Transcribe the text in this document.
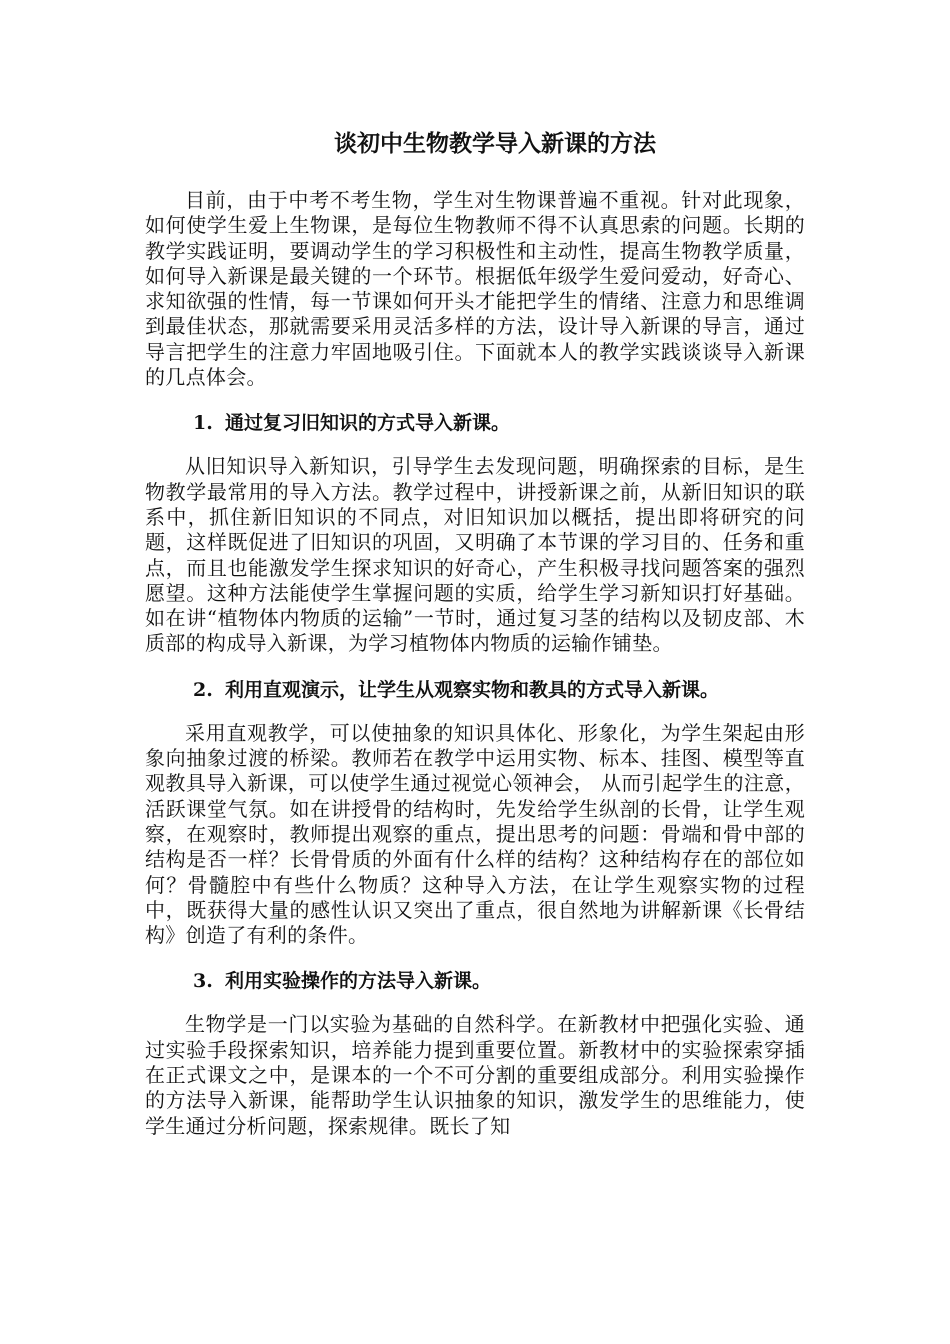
谈初中生物教学导入新课的方法

目前，由于中考不考生物，学生对生物课普遍不重视。针对此现象，如何使学生爱上生物课，是每位生物教师不得不认真思索的问题。长期的教学实践证明，要调动学生的学习积极性和主动性，提高生物教学质量，如何导入新课是最关键的一个环节。根据低年级学生爱问爱动，好奇心、求知欲强的性情，每一节课如何开头才能把学生的情绪、注意力和思维调到最佳状态，那就需要采用灵活多样的方法，设计导入新课的导言，通过导言把学生的注意力牢固地吸引住。下面就本人的教学实践谈谈导入新课的几点体会。

1. 通过复习旧知识的方式导入新课。

从旧知识导入新知识，引导学生去发现问题，明确探索的目标，是生物教学最常用的导入方法。教学过程中，讲授新课之前，从新旧知识的联系中，抓住新旧知识的不同点，对旧知识加以概括，提出即将研究的问题，这样既促进了旧知识的巩固，又明确了本节课的学习目的、任务和重点，而且也能激发学生探求知识的好奇心，产生积极寻找问题答案的强烈愿望。这种方法能使学生掌握问题的实质，给学生学习新知识打好基础。如在讲“植物体内物质的运输”一节时，通过复习茎的结构以及韧皮部、木质部的构成导入新课，为学习植物体内物质的运输作铺垫。

2. 利用直观演示，让学生从观察实物和教具的方式导入新课。

采用直观教学，可以使抽象的知识具体化、形象化，为学生架起由形象向抽象过渡的桥梁。教师若在教学中运用实物、标本、挂图、模型等直观教具导入新课，可以使学生通过视觉心领神会， 从而引起学生的注意，活跃课堂气氛。如在讲授骨的结构时，先发给学生纵剖的长骨，让学生观察，在观察时，教师提出观察的重点，提出思考的问题：骨端和骨中部的结构是否一样？长骨骨质的外面有什么样的结构？这种结构存在的部位如何？骨髓腔中有些什么物质？这种导入方法，在让学生观察实物的过程中，既获得大量的感性认识又突出了重点，很自然地为讲解新课《长骨结构》创造了有利的条件。

3. 利用实验操作的方法导入新课。

生物学是一门以实验为基础的自然科学。在新教材中把强化实验、通过实验手段探索知识，培养能力提到重要位置。新教材中的实验探索穿插在正式课文之中，是课本的一个不可分割的重要组成部分。利用实验操作的方法导入新课，能帮助学生认识抽象的知识，激发学生的思维能力，使学生通过分析问题，探索规律。既长了知
